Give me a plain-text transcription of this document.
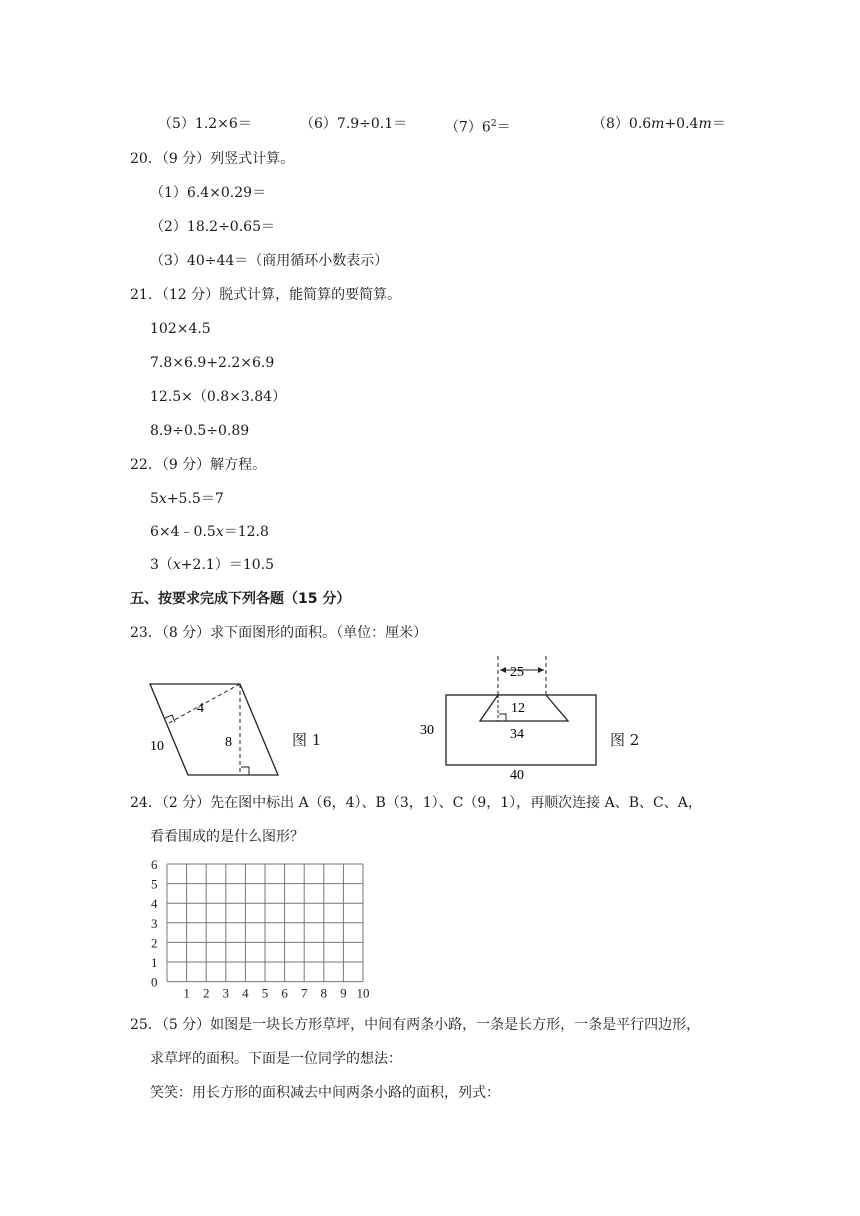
（5）1.2×6＝	（6）7.9÷0.1＝	$(7)6^2=$	（8）0.6m+0.4m＝
20．（9 分）列竖式计算。
（1）6.4×0.29＝
（2）18.2÷0.65＝
（3）40÷44＝（商用循环小数表示）
21．（12 分）脱式计算，能简算的要简算。
102×4.5
7.8×6.9+2.2×6.9
12.5×（0.8×3.84）
8.9÷0.5÷0.89
22．（9 分）解方程。
5x+5.5＝7
6×4﹣0.5x＝12.8
3（x+2.1）＝10.5
五、按要求完成下列各题（15 分）
23．（8 分）求下面图形的面积。（单位：厘米）
4
8
10	图 1
25
12
34
30
40
图 2
24．（2 分）先在图中标出 A（6，4）、B（3，1）、C（9，1），再顺次连接 A、B、C、A，
看看围成的是什么图形？
6
5
4
3
2
1
0
1 2 3 4 5 6 7 8 9 10
25．（5 分）如图是一块长方形草坪，中间有两条小路，一条是长方形，一条是平行四边形，
求草坪的面积。下面是一位同学的想法：
笑笑：用长方形的面积减去中间两条小路的面积，列式：
